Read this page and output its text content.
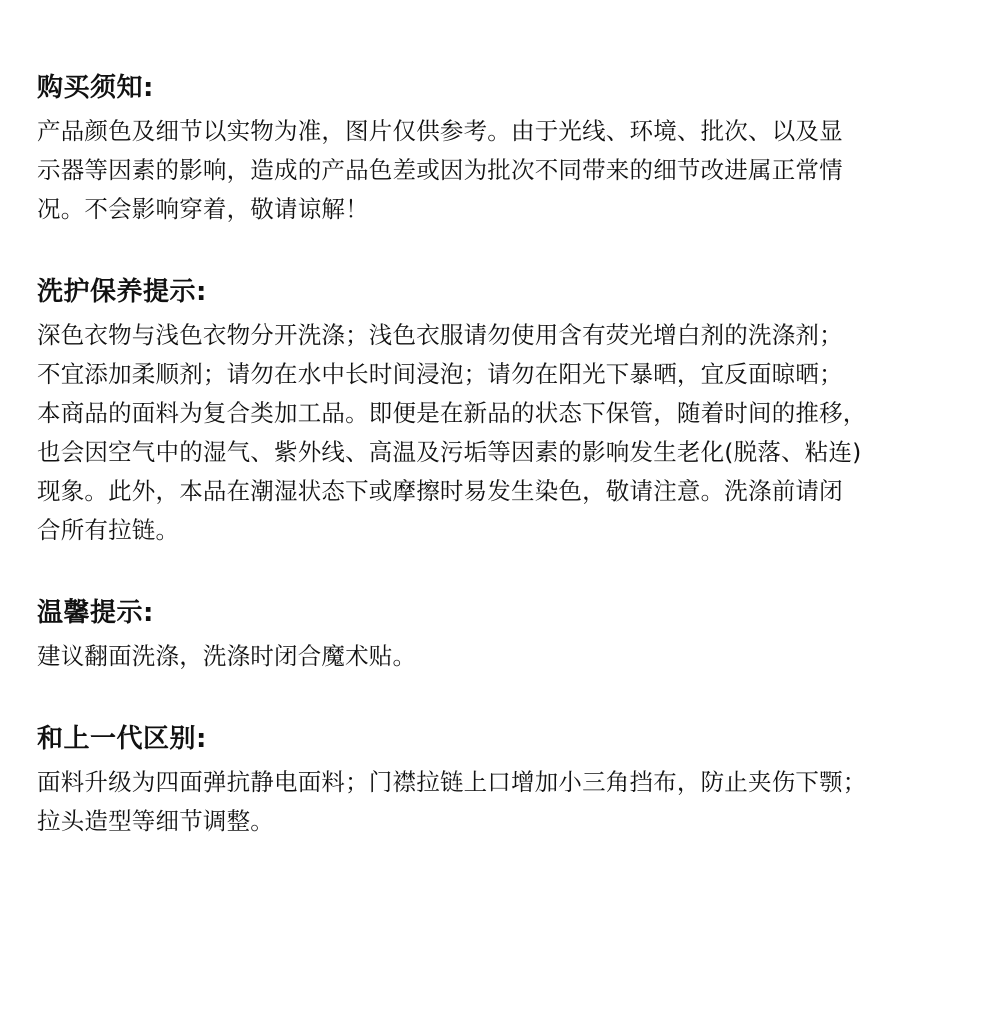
购买须知:

产品颜色及细节以实物为准，图片仅供参考。由于光线、环境、批次、以及显

示器等因素的影响，造成的产品色差或因为批次不同带来的细节改进属正常情

况。不会影响穿着，敬请谅解！

洗护保养提示:

深色衣物与浅色衣物分开洗涤；浅色衣服请勿使用含有荧光增白剂的洗涤剂；

不宜添加柔顺剂；请勿在水中长时间浸泡；请勿在阳光下暴晒，宜反面晾晒；

本商品的面料为复合类加工品。即便是在新品的状态下保管，随着时间的推移，

也会因空气中的湿气、紫外线、高温及污垢等因素的影响发生老化(脱落、粘连)

现象。此外，本品在潮湿状态下或摩擦时易发生染色，敬请注意。洗涤前请闭

合所有拉链。

温馨提示:

建议翻面洗涤，洗涤时闭合魔术贴。

和上一代区别:

面料升级为四面弹抗静电面料；门襟拉链上口增加小三角挡布，防止夹伤下颚；

拉头造型等细节调整。
